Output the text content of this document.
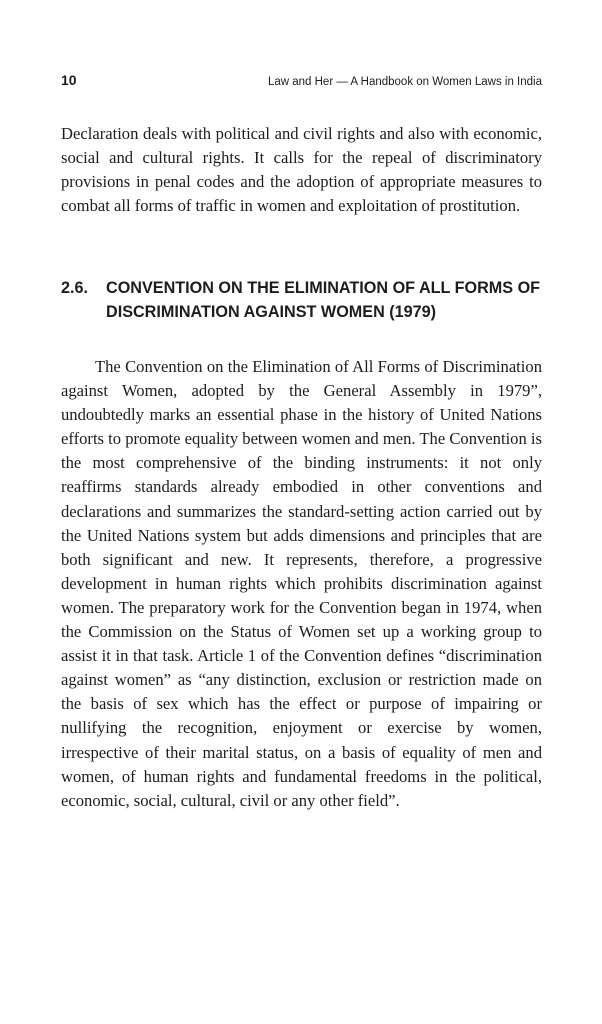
10	Law and Her — A Handbook on Women Laws in India

Declaration deals with political and civil rights and also with economic, social and cultural rights. It calls for the repeal of discriminatory provisions in penal codes and the adoption of appropriate measures to combat all forms of traffic in women and exploitation of prostitution.

2.6.	CONVENTION ON THE ELIMINATION OF ALL FORMS OF DISCRIMINATION AGAINST WOMEN (1979)

The Convention on the Elimination of All Forms of Discrimination against Women, adopted by the General Assembly in 1979”, undoubtedly marks an essential phase in the history of United Nations efforts to promote equality between women and men. The Convention is the most comprehensive of the binding instruments: it not only reaffirms standards already embodied in other conventions and declarations and summarizes the standard-setting action carried out by the United Nations system but adds dimensions and principles that are both significant and new. It represents, therefore, a progressive development in human rights which prohibits discrimination against women. The preparatory work for the Convention began in 1974, when the Commission on the Status of Women set up a working group to assist it in that task. Article 1 of the Convention defines “discrimination against women” as “any distinction, exclusion or restriction made on the basis of sex which has the effect or purpose of impairing or nullifying the recognition, enjoyment or exercise by women, irrespective of their marital status, on a basis of equality of men and women, of human rights and fundamental freedoms in the political, economic, social, cultural, civil or any other field”.
